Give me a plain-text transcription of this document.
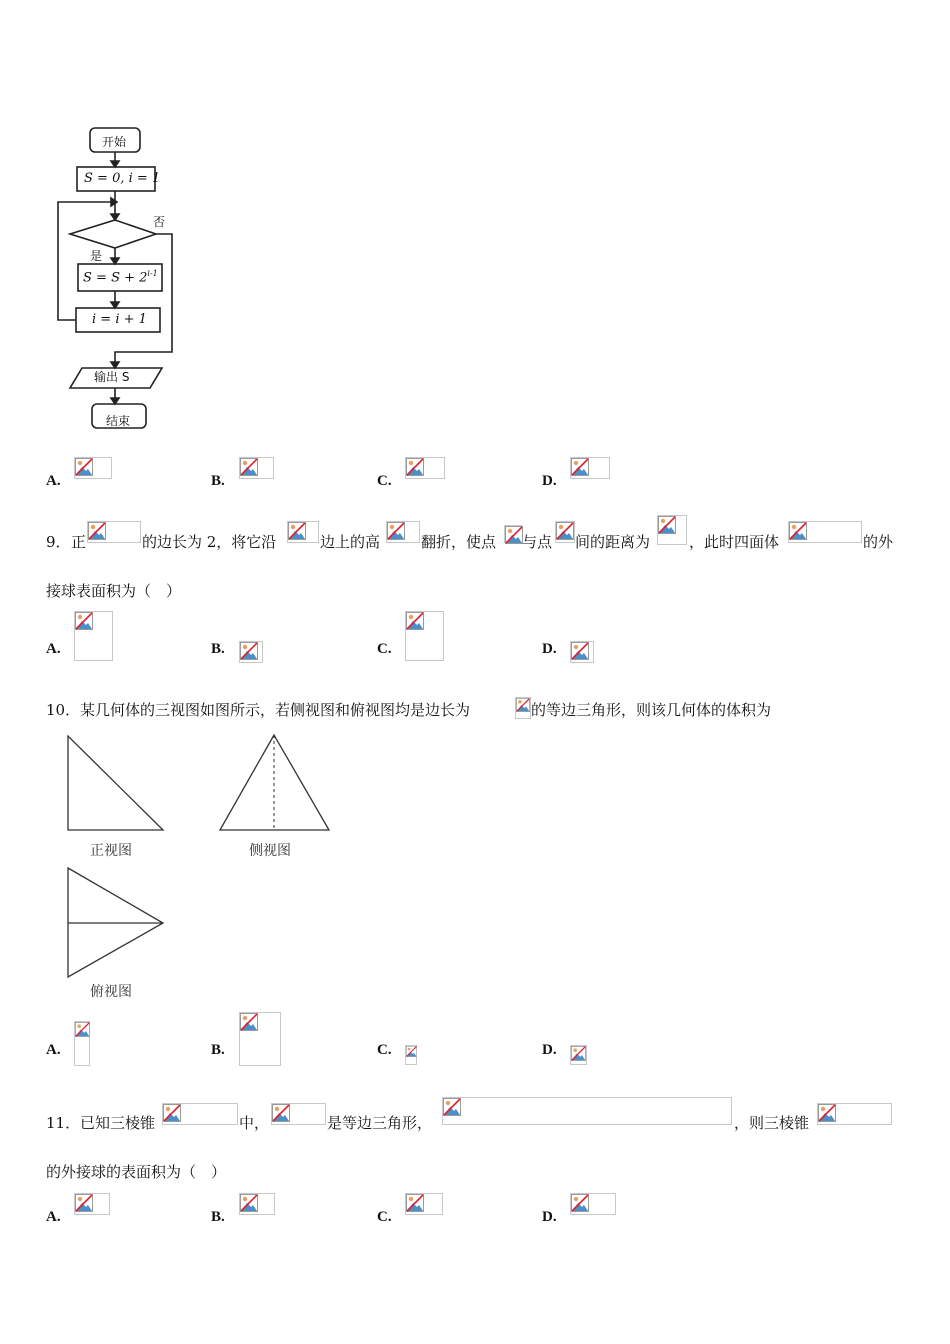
开始
S = 0, i = 1
否
是
$S = S + 2^{i-1}$
i = i + 1
输出 S
结束
A.	B.	C.	D.
9． 正	的边长为 2，将它沿	边上的高	翻折，使点 与点 间的距离为	，此时四面体	的外
接球表面积为（　）
A.	B.	C.	D.
10． 某几何体的三视图如图所示，若侧视图和俯视图均是边长为	的等边三角形，则该几何体的体积为
正视图	侧视图
俯视图
A.	B.	C.	D.
11． 已知三棱锥	中，	是等边三角形，	，则三棱锥
的外接球的表面积为（　）
A.	B.	C.	D.
